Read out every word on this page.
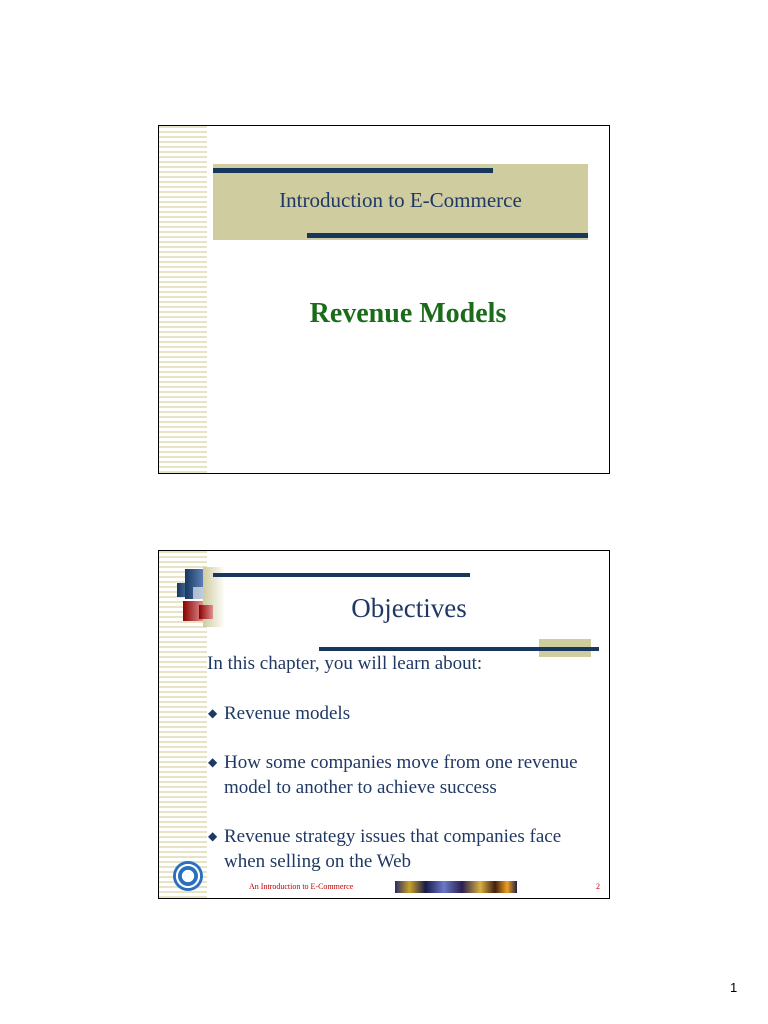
Introduction to E-Commerce
Revenue Models
Objectives
In this chapter, you will learn about:
◆ Revenue models
◆ How some companies move from one revenue model to another to achieve success
◆ Revenue strategy issues that companies face when selling on the Web
An Introduction to E-Commerce	2
1
